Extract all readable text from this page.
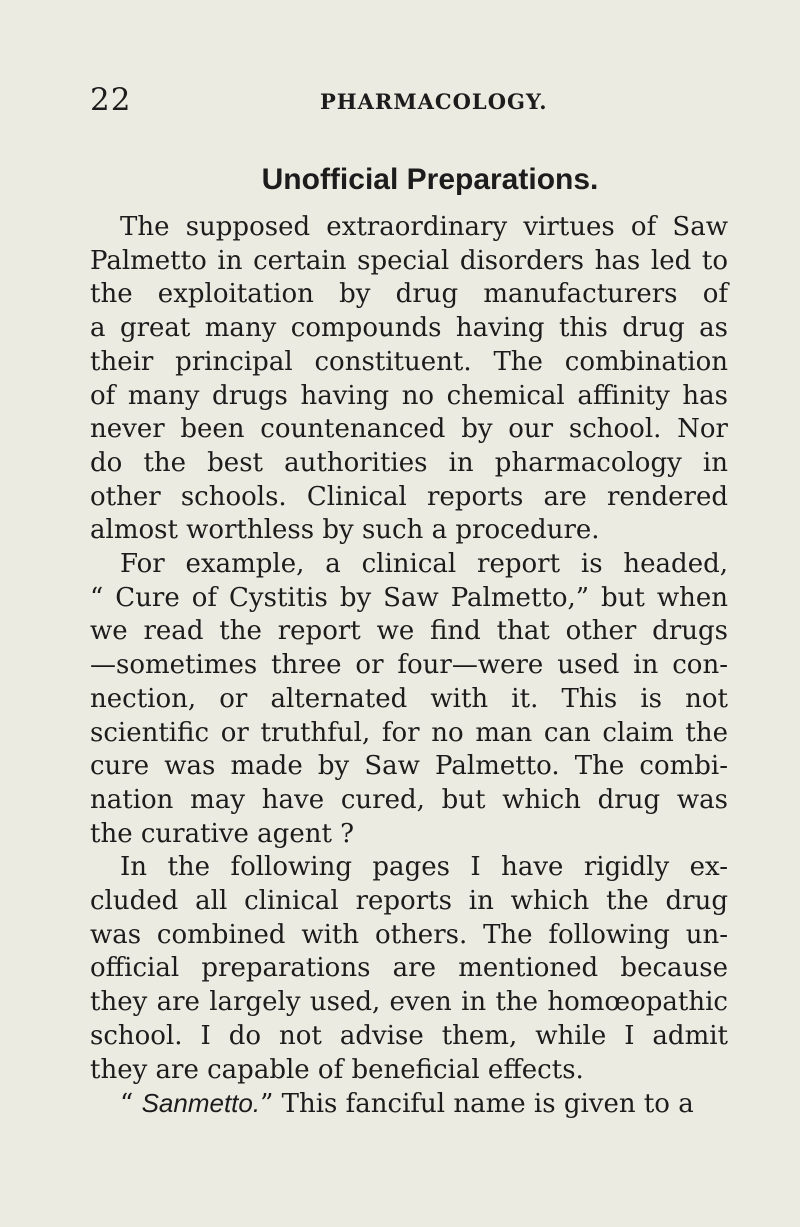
22	PHARMACOLOGY.
Unofficial Preparations.
The supposed extraordinary virtues of Saw
Palmetto in certain special disorders has led to
the exploitation by drug manufacturers of
a great many compounds having this drug as
their principal constituent. The combination
of many drugs having no chemical affinity has
never been countenanced by our school. Nor
do the best authorities in pharmacology in
other schools. Clinical reports are rendered
almost worthless by such a procedure.
For example, a clinical report is headed,
“ Cure of Cystitis by Saw Palmetto,” but when
we read the report we find that other drugs
—sometimes three or four—were used in con-
nection, or alternated with it. This is not
scientific or truthful, for no man can claim the
cure was made by Saw Palmetto. The combi-
nation may have cured, but which drug was
the curative agent ?
In the following pages I have rigidly ex-
cluded all clinical reports in which the drug
was combined with others. The following un-
official preparations are mentioned because
they are largely used, even in the homœopathic
school. I do not advise them, while I admit
they are capable of beneficial effects.
“ Sanmetto.” This fanciful name is given to a
